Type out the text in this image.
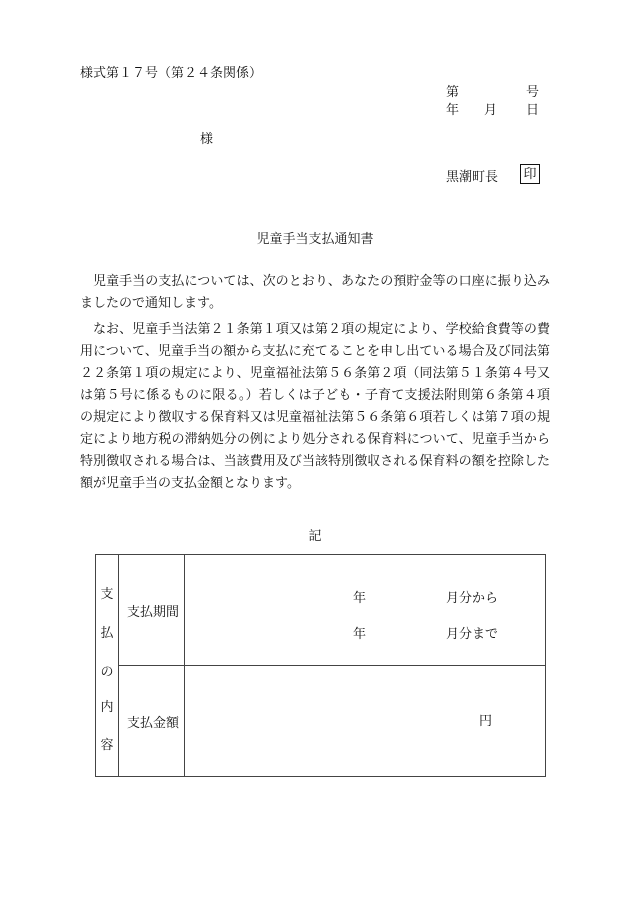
様式第１７号（第２４条関係）
第	号
年 月 日
様
黒潮町長 印
児童手当支払通知書
児童手当の支払については、次のとおり、あなたの預貯金等の口座に振り込みましたので通知します。
なお、児童手当法第２１条第１項又は第２項の規定により、学校給食費等の費用について、児童手当の額から支払に充てることを申し出ている場合及び同法第２２条第１項の規定により、児童福祉法第５６条第２項（同法第５１条第４号又は第５号に係るものに限る。）若しくは子ども・子育て支援法附則第６条第４項の規定により徴収する保育料又は児童福祉法第５６条第６項若しくは第７項の規定により地方税の滞納処分の例により処分される保育料について、児童手当から特別徴収される場合は、当該費用及び当該特別徴収される保育料の額を控除した額が児童手当の支払金額となります。
記
支
払
の
内
容	支払期間	年 月分から
年 月分まで

	支払金額	円
